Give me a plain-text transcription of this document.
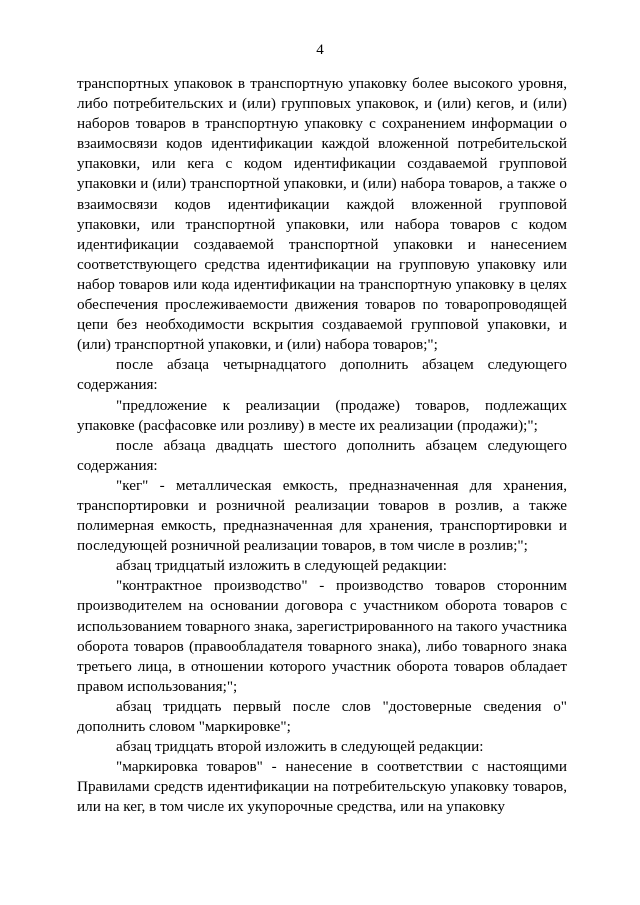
4

транспортных упаковок в транспортную упаковку более высокого уровня, либо потребительских и (или) групповых упаковок, и (или) кегов, и (или) наборов товаров в транспортную упаковку с сохранением информации о взаимосвязи кодов идентификации каждой вложенной потребительской упаковки, или кега с кодом идентификации создаваемой групповой упаковки и (или) транспортной упаковки, и (или) набора товаров, а также о взаимосвязи кодов идентификации каждой вложенной групповой упаковки, или транспортной упаковки, или набора товаров с кодом идентификации создаваемой транспортной упаковки и нанесением соответствующего средства идентификации на групповую упаковку или набор товаров или кода идентификации на транспортную упаковку в целях обеспечения прослеживаемости движения товаров по товаропроводящей цепи без необходимости вскрытия создаваемой групповой упаковки, и (или) транспортной упаковки, и (или) набора товаров;";

после абзаца четырнадцатого дополнить абзацем следующего содержания:

"предложение к реализации (продаже) товаров, подлежащих упаковке (расфасовке или розливу) в месте их реализации (продажи);";

после абзаца двадцать шестого дополнить абзацем следующего содержания:

"кег" - металлическая емкость, предназначенная для хранения, транспортировки и розничной реализации товаров в розлив, а также полимерная емкость, предназначенная для хранения, транспортировки и последующей розничной реализации товаров, в том числе в розлив;";

абзац тридцатый изложить в следующей редакции:

"контрактное производство" - производство товаров сторонним производителем на основании договора с участником оборота товаров с использованием товарного знака, зарегистрированного на такого участника оборота товаров (правообладателя товарного знака), либо товарного знака третьего лица, в отношении которого участник оборота товаров обладает правом использования;";

абзац тридцать первый после слов "достоверные сведения о" дополнить словом "маркировке";

абзац тридцать второй изложить в следующей редакции:

"маркировка товаров" - нанесение в соответствии с настоящими Правилами средств идентификации на потребительскую упаковку товаров, или на кег, в том числе их укупорочные средства, или на упаковку
